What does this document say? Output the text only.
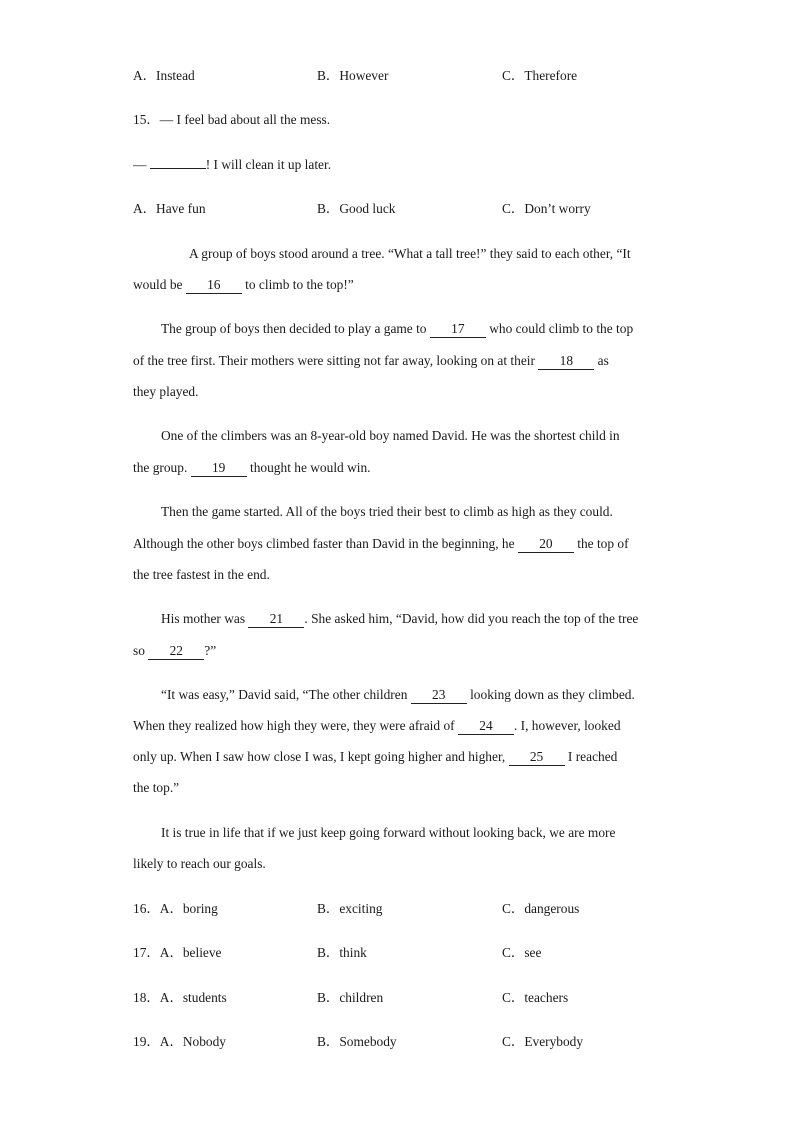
A．Instead	B．However	C．Therefore
15．— I feel bad about all the mess.
—	! I will clean it up later.
A．Have fun	B．Good luck	C．Don’t worry
A group of boys stood around a tree. “What a tall tree!” they said to each other, “It
would be 16 to climb to the top!”
The group of boys then decided to play a game to 17 who could climb to the top
of the tree first. Their mothers were sitting not far away, looking on at their 18 as
they played.
One of the climbers was an 8-year-old boy named David. He was the shortest child in
the group. 19 thought he would win.
Then the game started. All of the boys tried their best to climb as high as they could.
Although the other boys climbed faster than David in the beginning, he 20 the top of
the tree fastest in the end.
His mother was 21 . She asked him, “David, how did you reach the top of the tree
so 22 ?”
“It was easy,” David said, “The other children 23 looking down as they climbed.
When they realized how high they were, they were afraid of 24 . I, however, looked
only up. When I saw how close I was, I kept going higher and higher, 25 I reached
the top.”
It is true in life that if we just keep going forward without looking back, we are more
likely to reach our goals.
16．A．boring	B．exciting	C．dangerous
17．A．believe	B．think	C．see
18．A．students	B．children	C．teachers
19．A．Nobody	B．Somebody	C．Everybody
